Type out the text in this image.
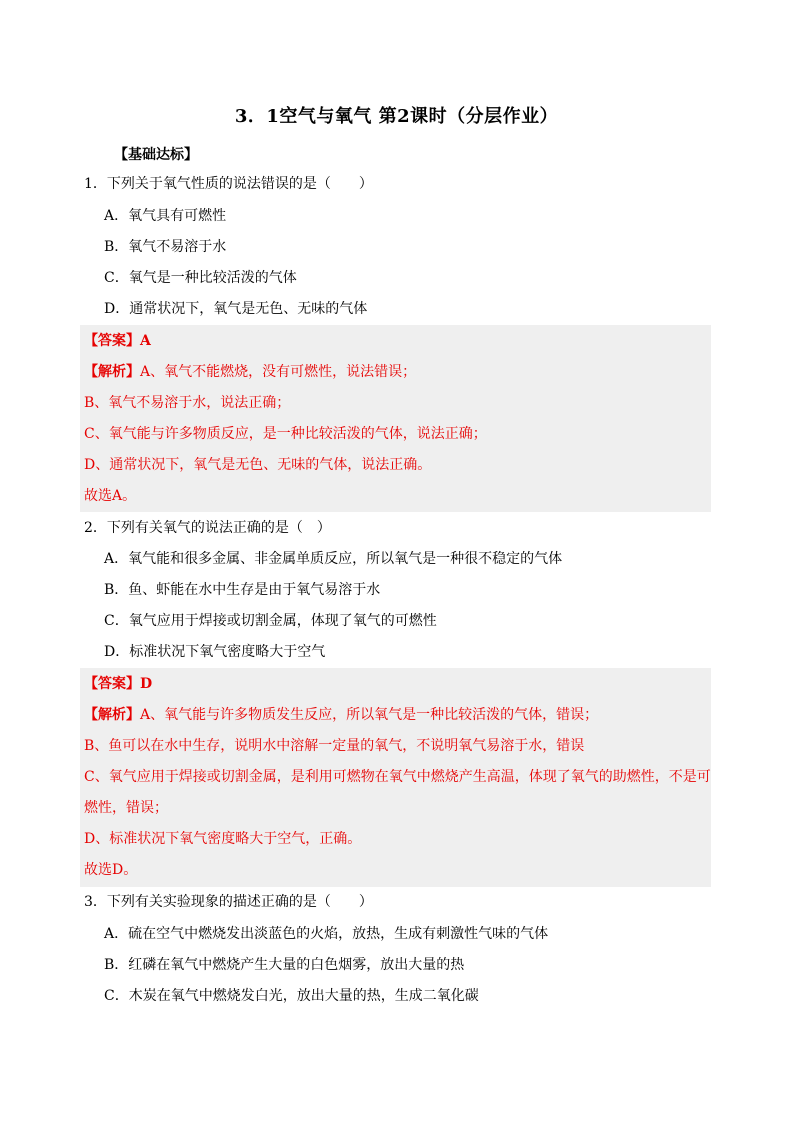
3．1空气与氧气 第2课时（分层作业）
【基础达标】
1．下列关于氧气性质的说法错误的是（　　）
A．氧气具有可燃性
B．氧气不易溶于水
C．氧气是一种比较活泼的气体
D．通常状况下，氧气是无色、无味的气体
【答案】A
【解析】A、氧气不能燃烧，没有可燃性，说法错误；
B、氧气不易溶于水，说法正确；
C、氧气能与许多物质反应，是一种比较活泼的气体，说法正确；
D、通常状况下，氧气是无色、无味的气体，说法正确。
故选A。
2．下列有关氧气的说法正确的是（　）
A．氧气能和很多金属、非金属单质反应，所以氧气是一种很不稳定的气体
B．鱼、虾能在水中生存是由于氧气易溶于水
C．氧气应用于焊接或切割金属，体现了氧气的可燃性
D．标准状况下氧气密度略大于空气
【答案】D
【解析】A、氧气能与许多物质发生反应，所以氧气是一种比较活泼的气体，错误；
B、鱼可以在水中生存，说明水中溶解一定量的氧气，不说明氧气易溶于水，错误
C、氧气应用于焊接或切割金属，是利用可燃物在氧气中燃烧产生高温，体现了氧气的助燃性，不是可
燃性，错误；
D、标准状况下氧气密度略大于空气，正确。
故选D。
3．下列有关实验现象的描述正确的是（　　）
A．硫在空气中燃烧发出淡蓝色的火焰，放热，生成有刺激性气味的气体
B．红磷在氧气中燃烧产生大量的白色烟雾，放出大量的热
C．木炭在氧气中燃烧发白光，放出大量的热，生成二氧化碳
